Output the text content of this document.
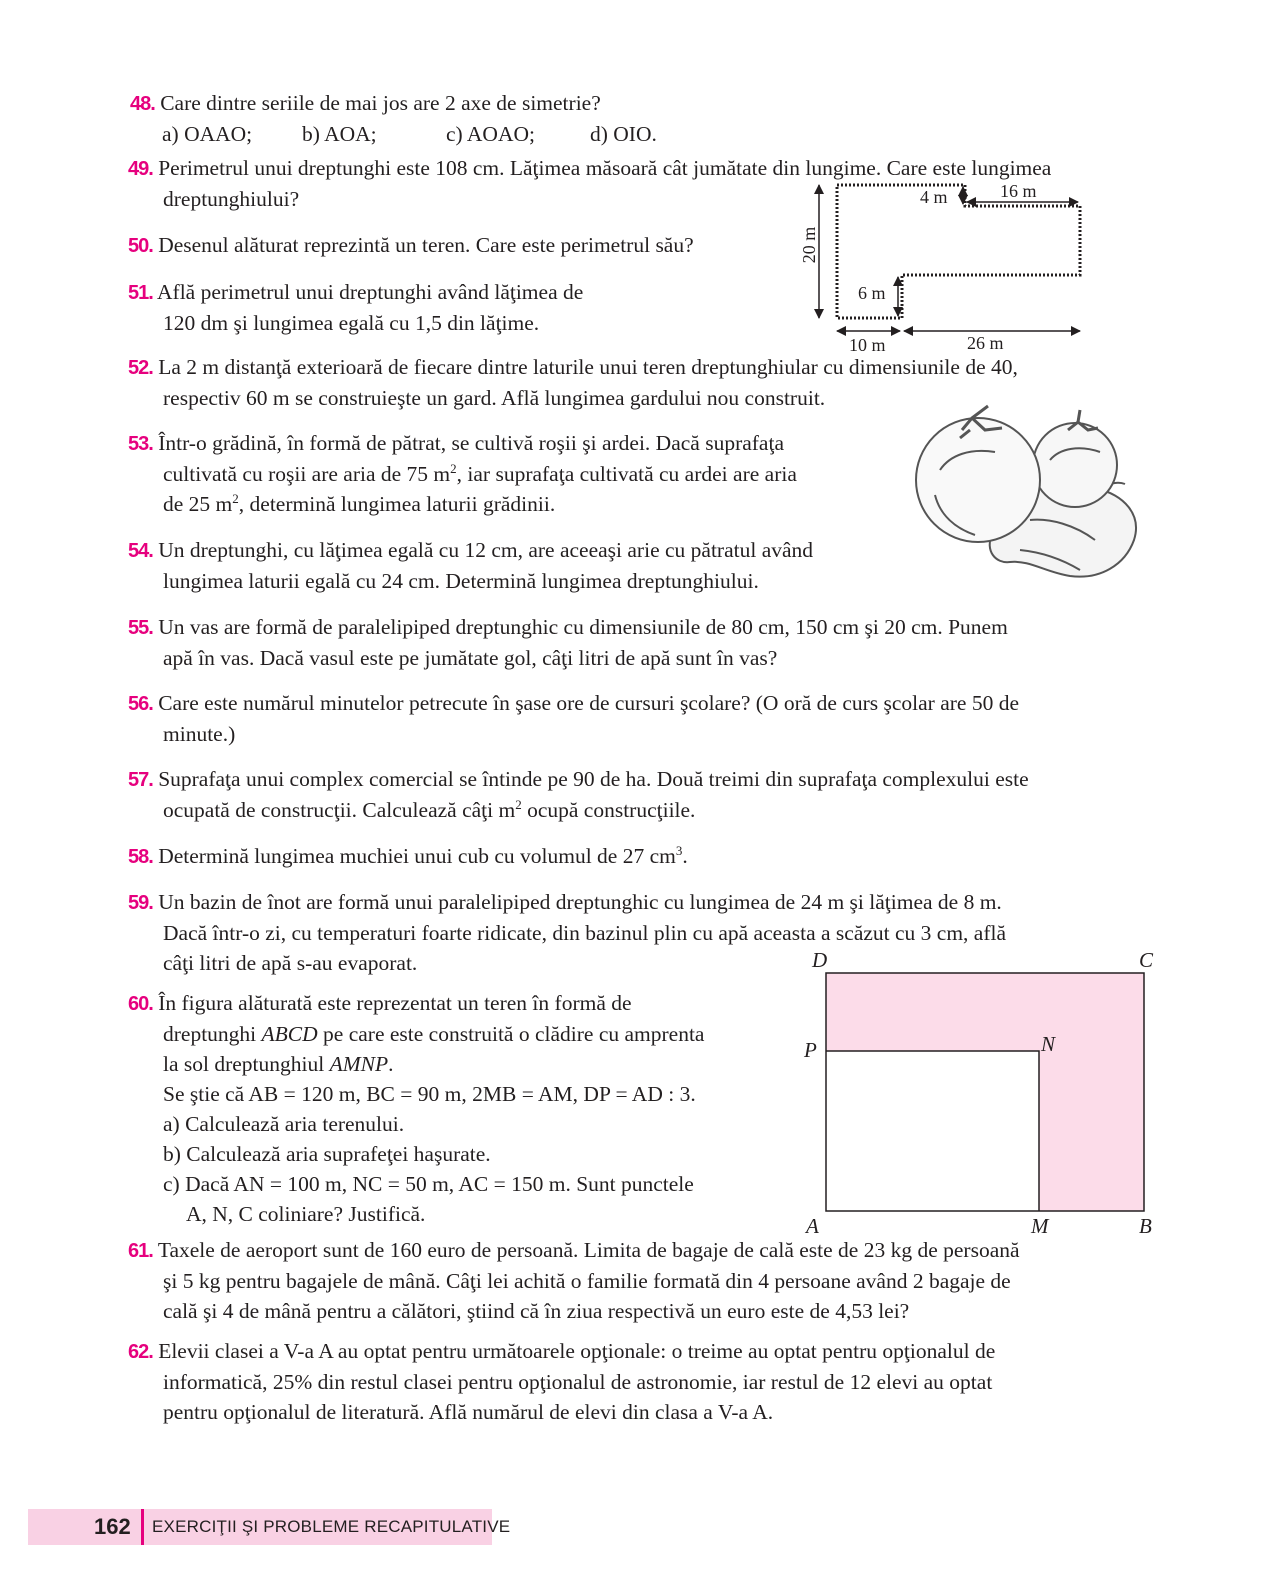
48. Care dintre seriile de mai jos are 2 axe de simetrie?
a) OAAO; b) AOA;	c) AOAO;	d) OIO.
49. Perimetrul unui dreptunghi este 108 cm. Lăţimea măsoară cât jumătate din lungime. Care este lungimea
dreptunghiului?
50. Desenul alăturat reprezintă un teren. Care este perimetrul său?
51. Află perimetrul unui dreptunghi având lăţimea de
120 dm şi lungimea egală cu 1,5 din lăţime.
20 m
4 m	16 m
6 m
10 m	26 m
52. La 2 m distanţă exterioară de fiecare dintre laturile unui teren dreptunghiular cu dimensiunile de 40,
respectiv 60 m se construieşte un gard. Află lungimea gardului nou construit.
53. Într-o grădină, în formă de pătrat, se cultivă roşii şi ardei. Dacă suprafaţa
cultivată cu roşii are aria de 75 $m^2$, iar suprafaţa cultivată cu ardei are aria
de 25 $m^2$, determină lungimea laturii grădinii.
54. Un dreptunghi, cu lăţimea egală cu 12 cm, are aceeaşi arie cu pătratul având
lungimea laturii egală cu 24 cm. Determină lungimea dreptunghiului.
55. Un vas are formă de paralelipiped dreptunghic cu dimensiunile de 80 cm, 150 cm şi 20 cm. Punem
apă în vas. Dacă vasul este pe jumătate gol, câţi litri de apă sunt în vas?
56. Care este numărul minutelor petrecute în şase ore de cursuri şcolare? (O oră de curs şcolar are 50 de
minute.)
57. Suprafaţa unui complex comercial se întinde pe 90 de ha. Două treimi din suprafaţa complexului este
ocupată de construcţii. Calculează câţi $m^2$ ocupă construcţiile.
58. Determină lungimea muchiei unui cub cu volumul de 27 $cm^3$.
59. Un bazin de înot are formă unui paralelipiped dreptunghic cu lungimea de 24 m şi lăţimea de 8 m.
Dacă într-o zi, cu temperaturi foarte ridicate, din bazinul plin cu apă aceasta a scăzut cu 3 cm, află
câţi litri de apă s-au evaporat.
60. În figura alăturată este reprezentat un teren în formă de
dreptunghi ABCD pe care este construită o clădire cu amprenta
la sol dreptunghiul AMNP.
Se ştie că AB = 120 m, BC = 90 m, 2MB = AM, DP = AD : 3.
a) Calculează aria terenului.
b) Calculează aria suprafeţei haşurate.
c) Dacă AN = 100 m, NC = 50 m, AC = 150 m. Sunt punctele
A, N, C coliniare? Justifică.
D	C
P	N
A	M	B
61. Taxele de aeroport sunt de 160 euro de persoană. Limita de bagaje de cală este de 23 kg de persoană
şi 5 kg pentru bagajele de mână. Câţi lei achită o familie formată din 4 persoane având 2 bagaje de
cală şi 4 de mână pentru a călători, ştiind că în ziua respectivă un euro este de 4,53 lei?
62. Elevii clasei a V-a A au optat pentru următoarele opţionale: o treime au optat pentru opţionalul de
informatică, 25% din restul clasei pentru opţionalul de astronomie, iar restul de 12 elevi au optat
pentru opţionalul de literatură. Află numărul de elevi din clasa a V-a A.
162 EXERCIŢII ŞI PROBLEME RECAPITULATIVE
